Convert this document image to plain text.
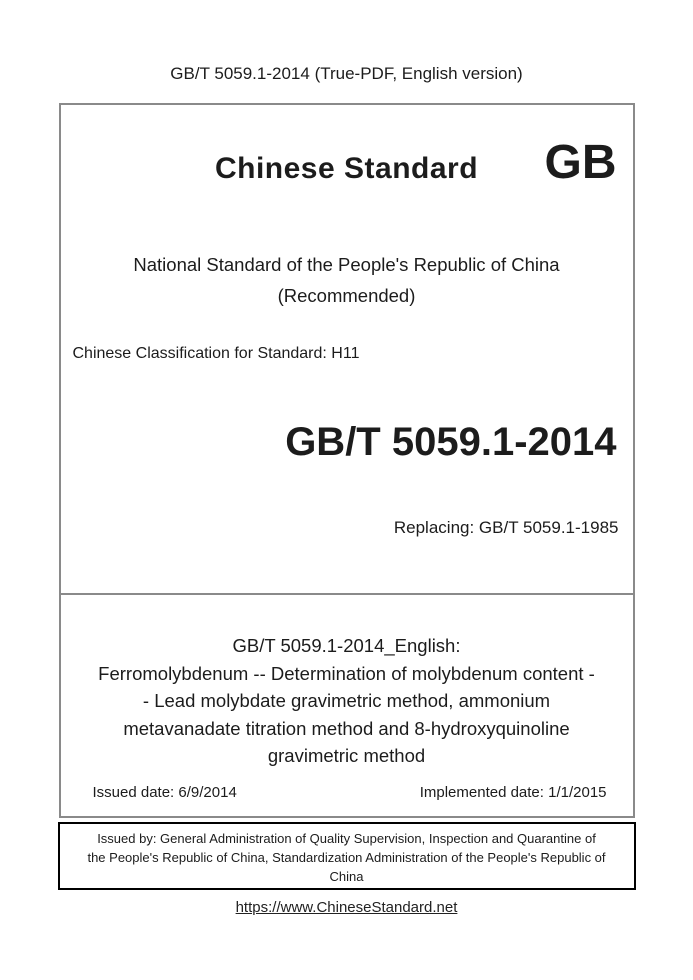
GB/T 5059.1-2014 (True-PDF, English version)
Chinese Standard	GB
National Standard of the People's Republic of China
(Recommended)
Chinese Classification for Standard: H11
GB/T 5059.1-2014
Replacing: GB/T 5059.1-1985
GB/T 5059.1-2014_English:
Ferromolybdenum -- Determination of molybdenum content -
- Lead molybdate gravimetric method, ammonium
metavanadate titration method and 8-hydroxyquinoline
gravimetric method
Issued date: 6/9/2014	Implemented date: 1/1/2015
Issued by: General Administration of Quality Supervision, Inspection and Quarantine of
the People's Republic of China, Standardization Administration of the People's Republic of
China
https://www.ChineseStandard.net
